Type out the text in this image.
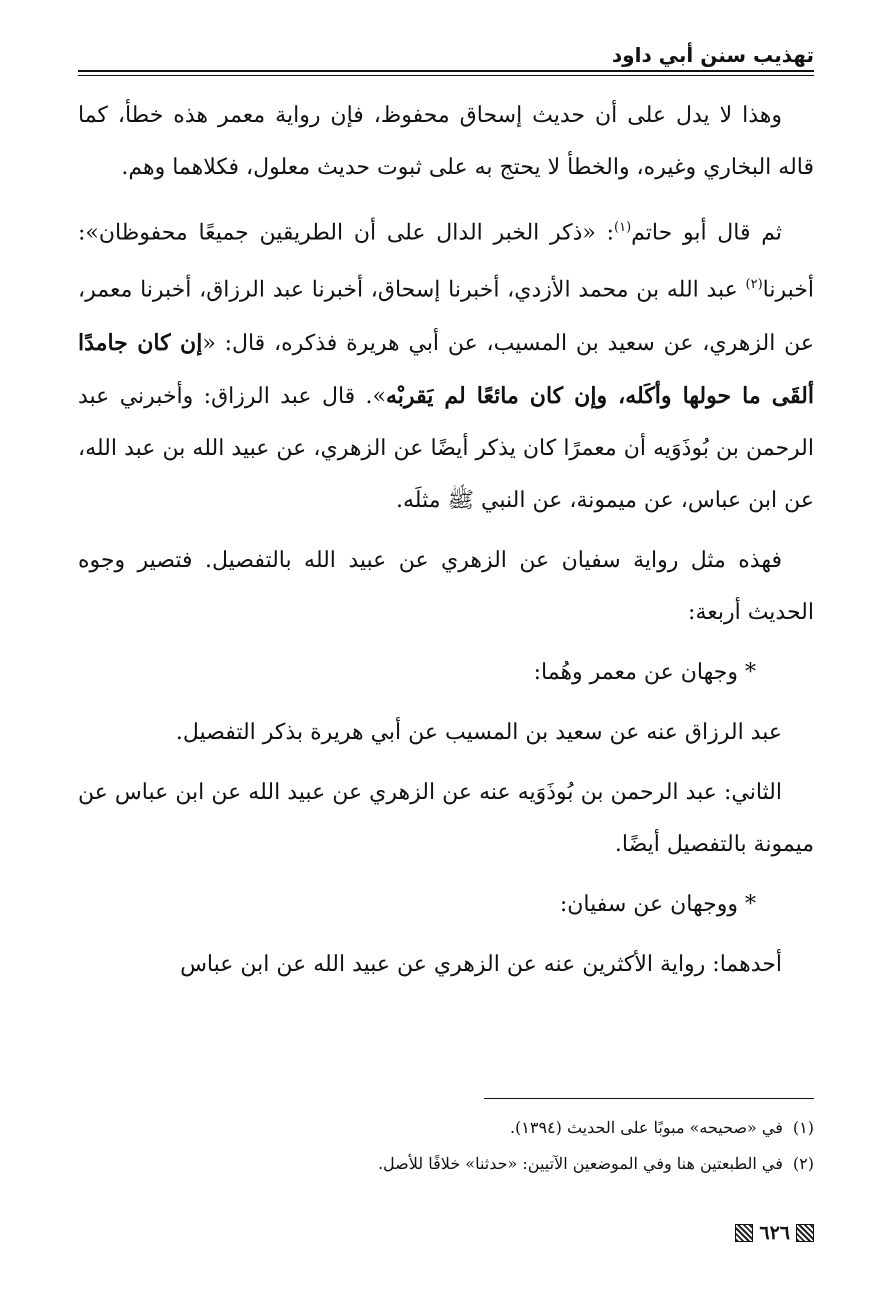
تهذيب سنن أبي داود

وهذا لا يدل على أن حديث إسحاق محفوظ، فإن رواية معمر هذه خطأ، كما قاله البخاري وغيره، والخطأ لا يحتج به على ثبوت حديث معلول، فكلاهما وهم.

ثم قال أبو حاتم$^{(١)}$: «ذكر الخبر الدال على أن الطريقين جميعًا محفوظان»: أخبرنا$^{(٢)}$ عبد الله بن محمد الأزدي، أخبرنا إسحاق، أخبرنا عبد الرزاق، أخبرنا معمر، عن الزهري، عن سعيد بن المسيب، عن أبي هريرة فذكره، قال: «إن كان جامدًا ألقَى ما حولها وأكَله، وإن كان مائعًا لم يَقربْه». قال عبد الرزاق: وأخبرني عبد الرحمن بن بُوذَوَيه أن معمرًا كان يذكر أيضًا عن الزهري، عن عبيد الله بن عبد الله، عن ابن عباس، عن ميمونة، عن النبي ﷺ مثلَه.

فهذه مثل رواية سفيان عن الزهري عن عبيد الله بالتفصيل. فتصير وجوه الحديث أربعة:

* وجهان عن معمر وهُما:

عبد الرزاق عنه عن سعيد بن المسيب عن أبي هريرة بذكر التفصيل.

الثاني: عبد الرحمن بن بُوذَوَيه عنه عن الزهري عن عبيد الله عن ابن عباس عن ميمونة بالتفصيل أيضًا.

* ووجهان عن سفيان:

أحدهما: رواية الأكثرين عنه عن الزهري عن عبيد الله عن ابن عباس

(١)
في «صحيحه» مبوبًا على الحديث (١٣٩٤).
(٢)
في الطبعتين هنا وفي الموضعين الآتيين: «حدثنا» خلافًا للأصل.
٦٢٦
